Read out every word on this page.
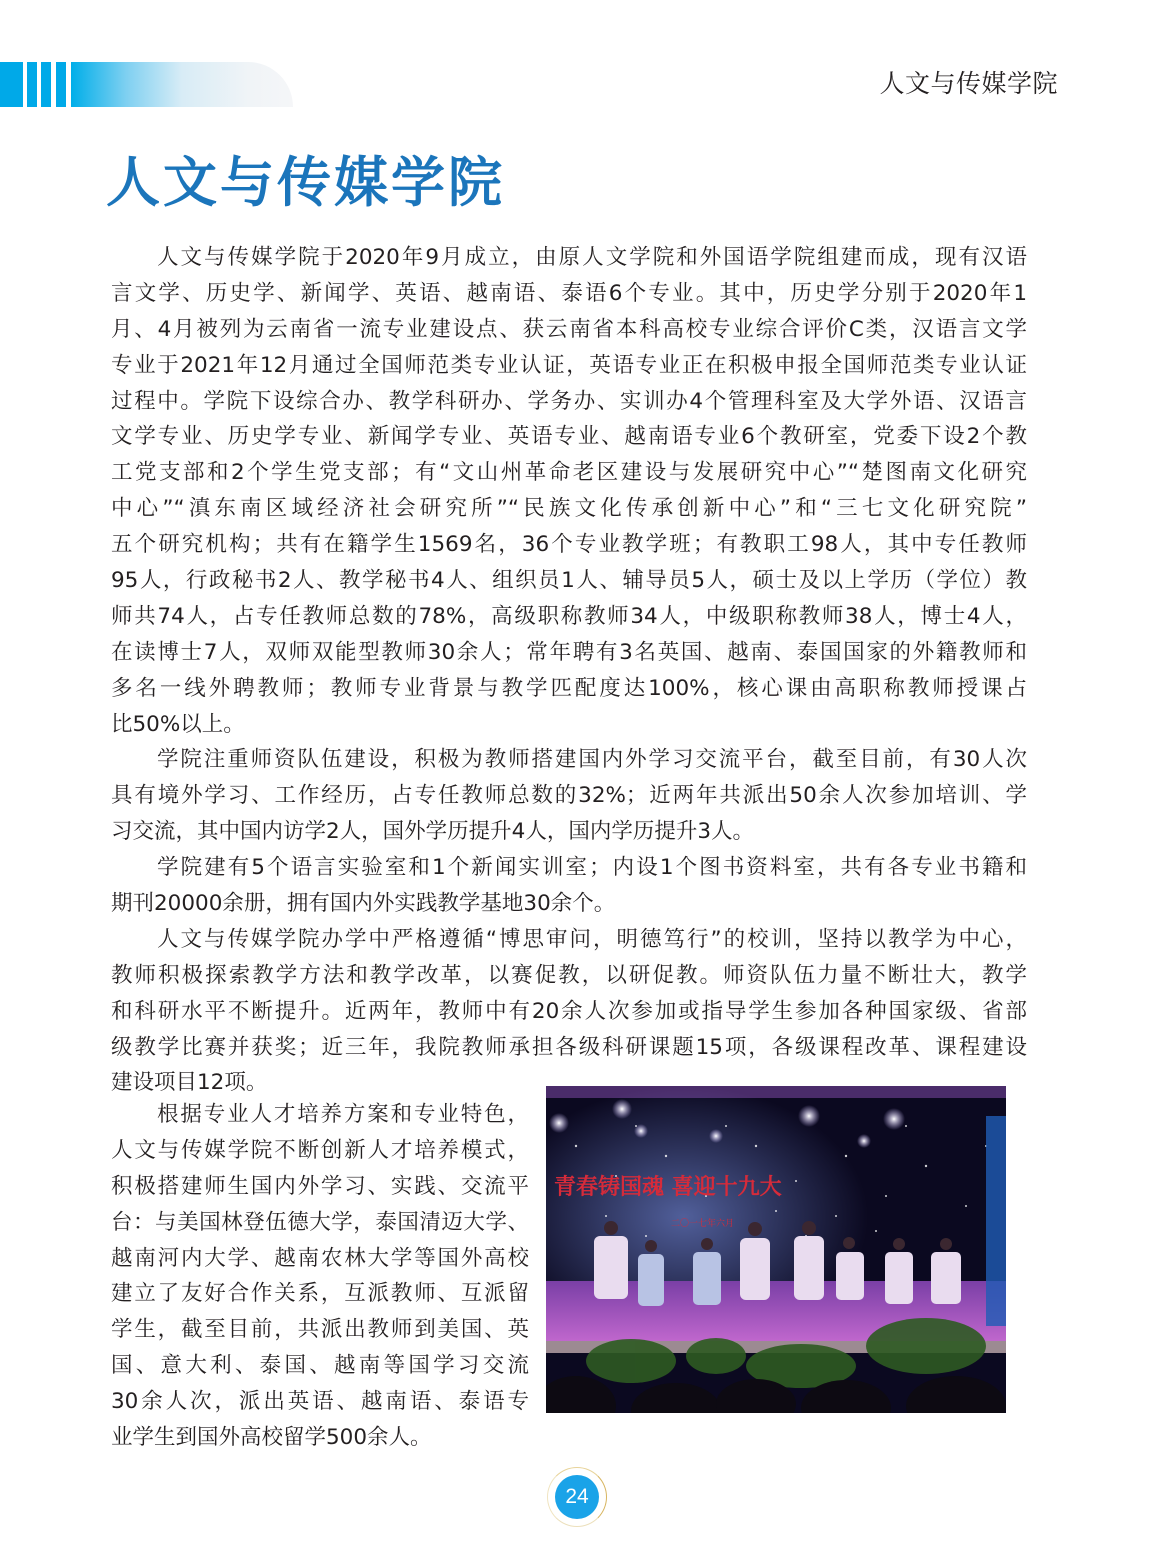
人文与传媒学院
人文与传媒学院
人文与传媒学院于2020年9月成立，由原人文学院和外国语学院组建而成，现有汉语
言文学、历史学、新闻学、英语、越南语、泰语6个专业。其中，历史学分别于2020年1
月、4月被列为云南省一流专业建设点、获云南省本科高校专业综合评价C类，汉语言文学
专业于2021年12月通过全国师范类专业认证，英语专业正在积极申报全国师范类专业认证
过程中。学院下设综合办、教学科研办、学务办、实训办4个管理科室及大学外语、汉语言
文学专业、历史学专业、新闻学专业、英语专业、越南语专业6个教研室，党委下设2个教
工党支部和2个学生党支部；有“文山州革命老区建设与发展研究中心”“楚图南文化研究
中心”“滇东南区域经济社会研究所”“民族文化传承创新中心”和“三七文化研究院”
五个研究机构；共有在籍学生1569名，36个专业教学班；有教职工98人，其中专任教师
95人，行政秘书2人、教学秘书4人、组织员1人、辅导员5人，硕士及以上学历（学位）教
师共74人，占专任教师总数的78%，高级职称教师34人，中级职称教师38人，博士4人，
在读博士7人，双师双能型教师30余人；常年聘有3名英国、越南、泰国国家的外籍教师和
多名一线外聘教师；教师专业背景与教学匹配度达100%，核心课由高职称教师授课占
比50%以上。
学院注重师资队伍建设，积极为教师搭建国内外学习交流平台，截至目前，有30人次
具有境外学习、工作经历，占专任教师总数的32%；近两年共派出50余人次参加培训、学
习交流，其中国内访学2人，国外学历提升4人，国内学历提升3人。
学院建有5个语言实验室和1个新闻实训室；内设1个图书资料室，共有各专业书籍和
期刊20000余册，拥有国内外实践教学基地30余个。
人文与传媒学院办学中严格遵循“博思审问，明德笃行”的校训，坚持以教学为中心，
教师积极探索教学方法和教学改革，以赛促教，以研促教。师资队伍力量不断壮大，教学
和科研水平不断提升。近两年，教师中有20余人次参加或指导学生参加各种国家级、省部
级教学比赛并获奖；近三年，我院教师承担各级科研课题15项，各级课程改革、课程建设
建设项目12项。
根据专业人才培养方案和专业特色，
人文与传媒学院不断创新人才培养模式，
积极搭建师生国内外学习、实践、交流平
台：与美国林登伍德大学，泰国清迈大学、
越南河内大学、越南农林大学等国外高校
建立了友好合作关系，互派教师、互派留
学生，截至目前，共派出教师到美国、英
国、意大利、泰国、越南等国学习交流
30余人次，派出英语、越南语、泰语专
业学生到国外高校留学500余人。
青春铸国魂 喜迎十九大
二〇一七年六月
24
